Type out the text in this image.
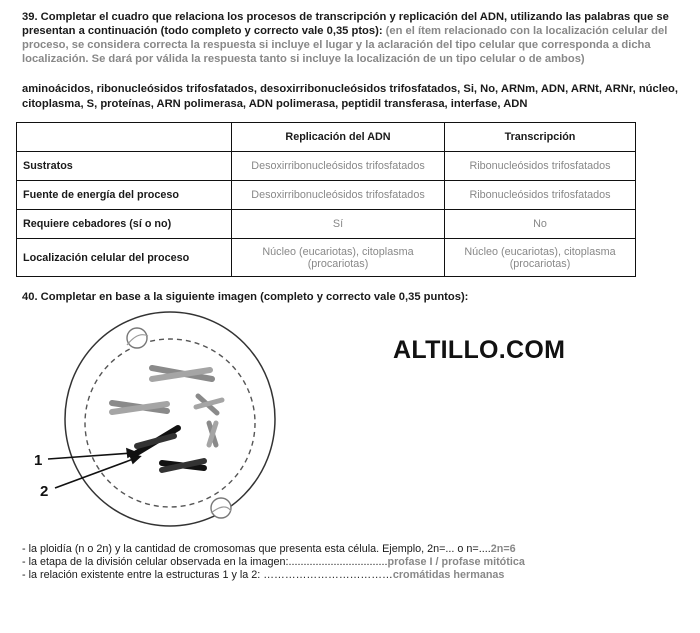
39. Completar el cuadro que relaciona los procesos de transcripción y replicación del ADN, utilizando las palabras que se presentan a continuación (todo completo y correcto vale 0,35 ptos): (en el ítem relacionado con la localización celular del proceso, se considera correcta la respuesta si incluye el lugar y la aclaración del tipo celular que corresponda a dicha localización. Se dará por válida la respuesta tanto si incluye la localización de un tipo celular o de ambos)
aminoácidos, ribonucleósidos trifosfatados, desoxirribonucleósidos trifosfatados, Si, No, ARNm, ADN, ARNt, ARNr, núcleo, citoplasma, S, proteínas, ARN polimerasa, ADN polimerasa, peptidil transferasa, interfase, ADN
	Replicación del ADN	Transcripción
Sustratos	Desoxirribonucleósidos trifosfatados	Ribonucleósidos trifosfatados
Fuente de energía del proceso	Desoxirribonucleósidos trifosfatados	Ribonucleósidos trifosfatados
Requiere cebadores (sí o no)	Sí	No
Localización celular del proceso	Núcleo (eucariotas), citoplasma (procariotas)	Núcleo (eucariotas), citoplasma (procariotas)
40. Completar en base a la siguiente imagen (completo y correcto vale 0,35 puntos):
ALTILLO.COM
1
2
- la ploidía (n o 2n) y la cantidad de cromosomas que presenta esta célula. Ejemplo, 2n=... o n=....2n=6
- la etapa de la división celular observada en la imagen:.................................profase I / profase mitótica
- la relación existente entre la estructuras 1 y la 2: ………………………………cromátidas hermanas
